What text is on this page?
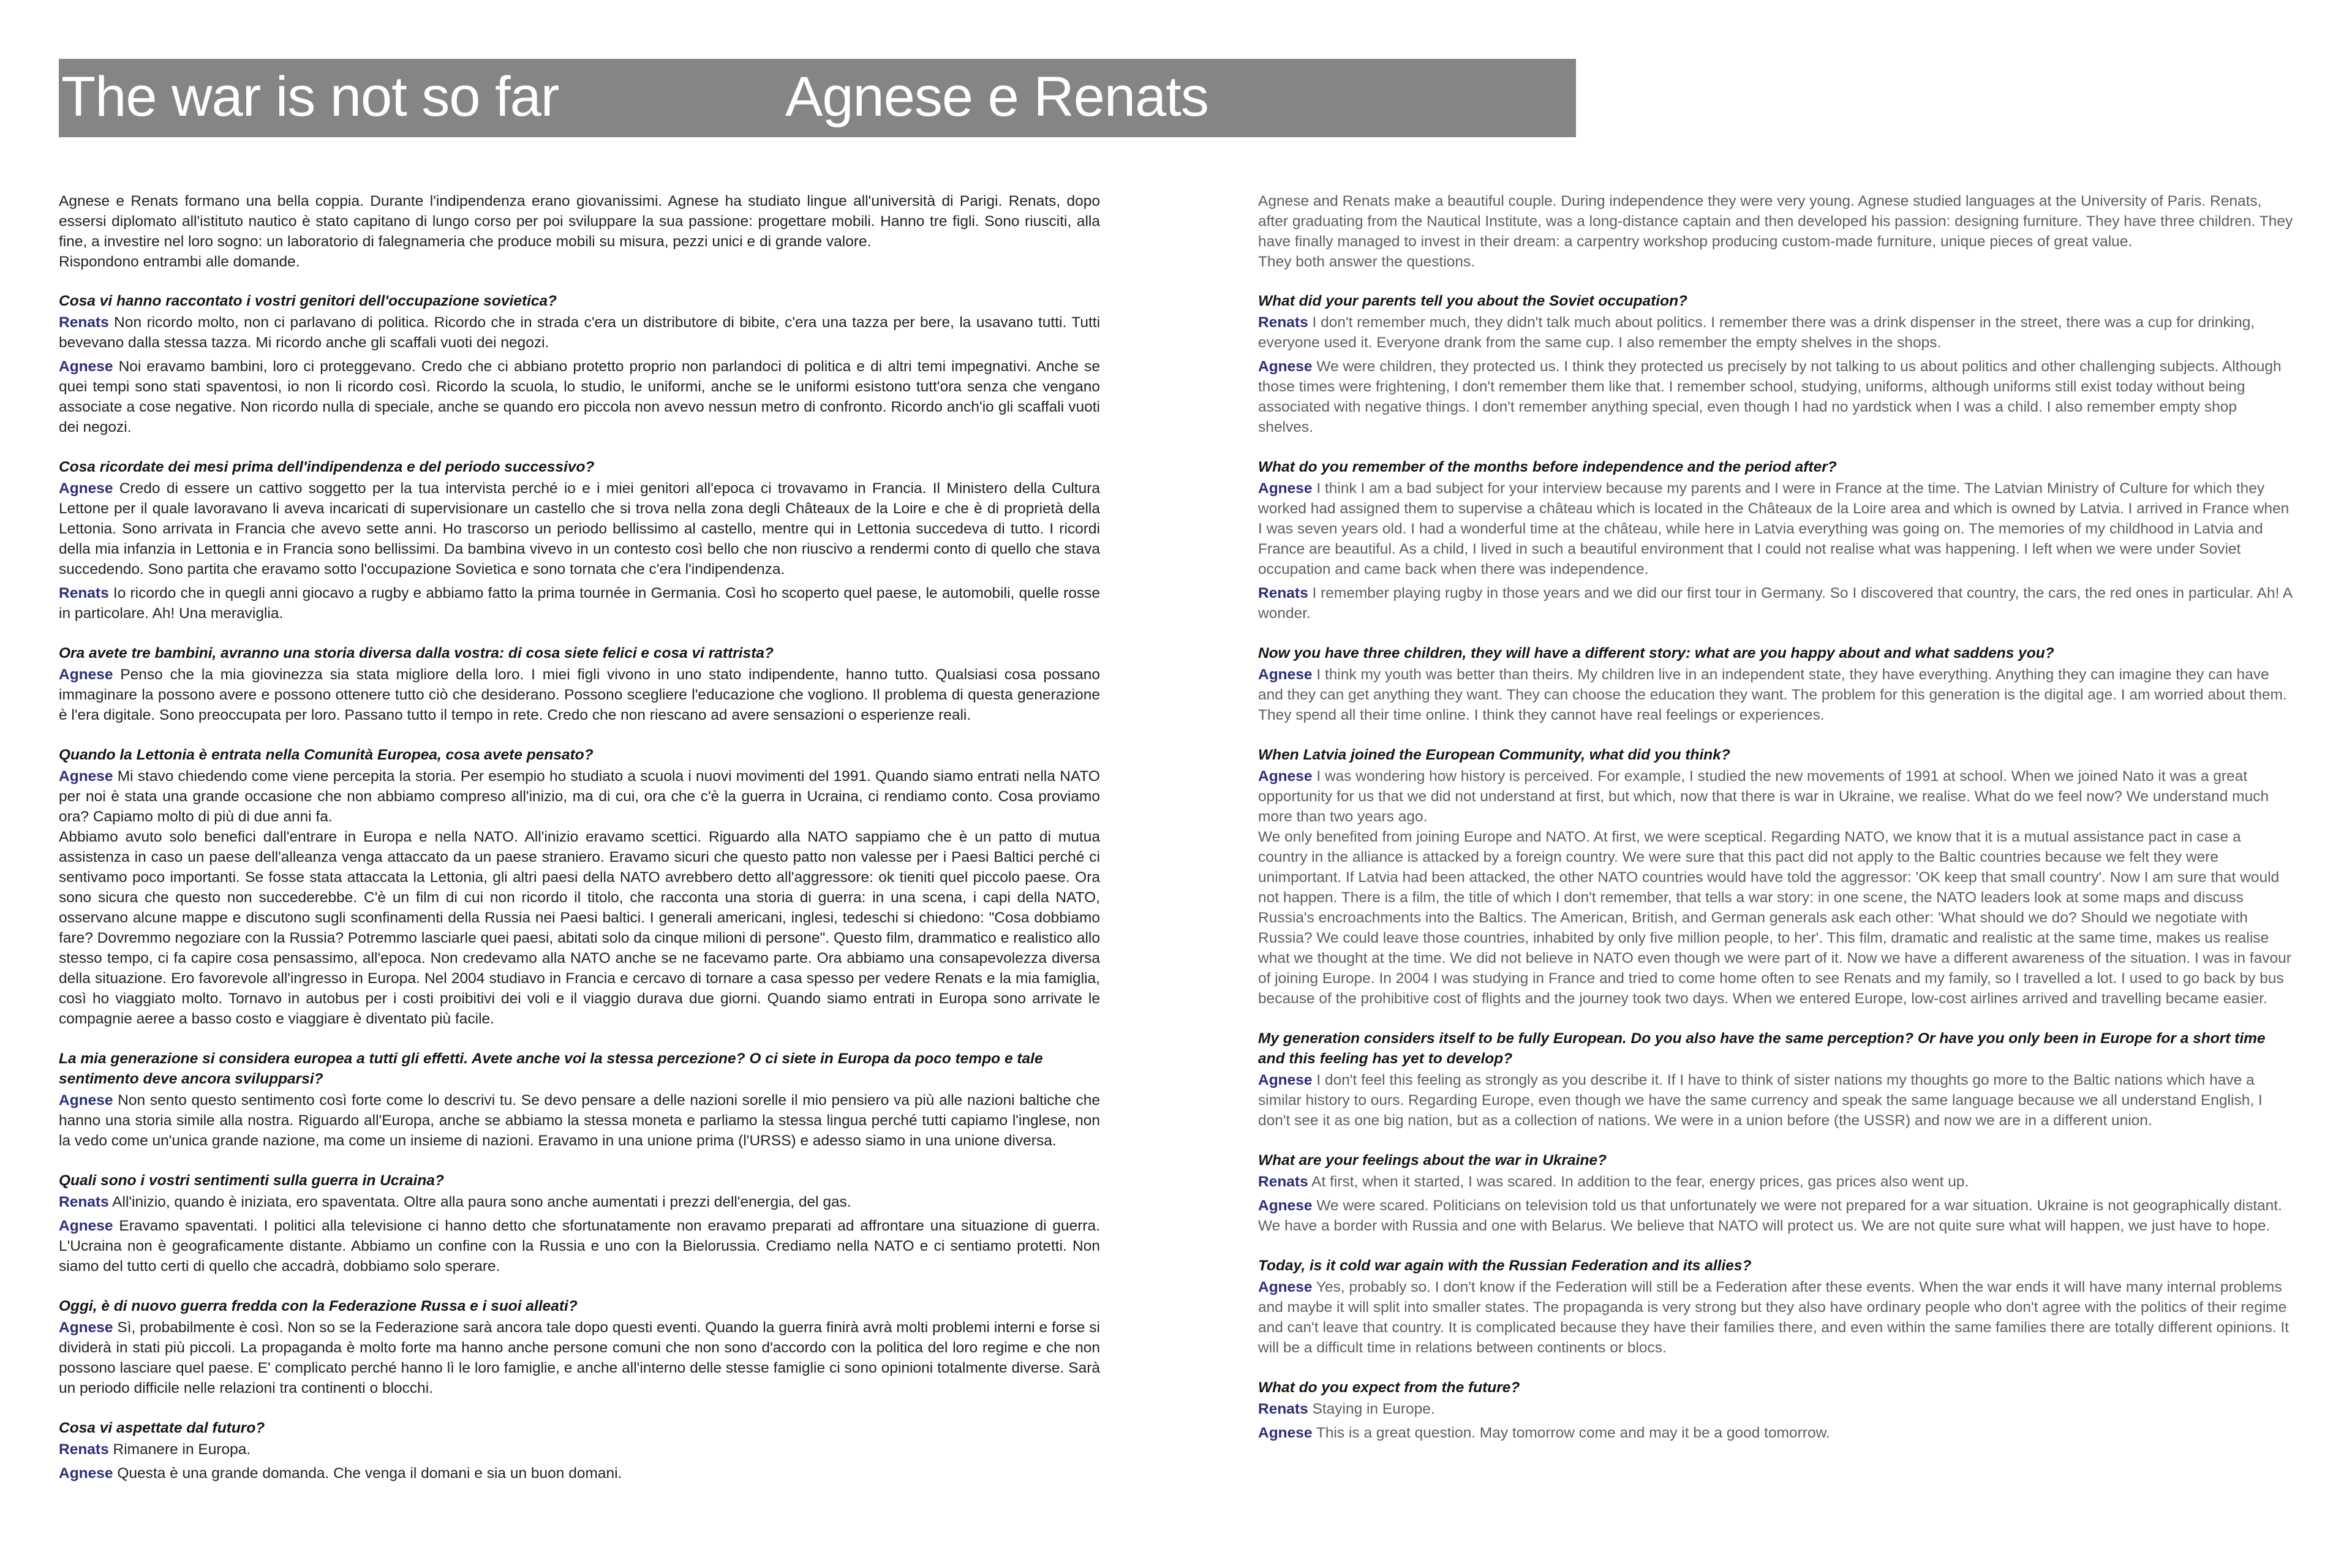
The war is not so far	Agnese e Renats

Agnese e Renats formano una bella coppia. Durante l'indipendenza erano giovanissimi. Agnese ha studiato lingue all'università di Parigi. Renats, dopo essersi diplomato all'istituto nautico è stato capitano di lungo corso per poi sviluppare la sua passione: progettare mobili. Hanno tre figli. Sono riusciti, alla fine, a investire nel loro sogno: un laboratorio di falegnameria che produce mobili su misura, pezzi unici e di grande valore.

Rispondono entrambi alle domande.

Cosa vi hanno raccontato i vostri genitori dell'occupazione sovietica?

Renats Non ricordo molto, non ci parlavano di politica. Ricordo che in strada c'era un distributore di bibite, c'era una tazza per bere, la usavano tutti. Tutti bevevano dalla stessa tazza. Mi ricordo anche gli scaffali vuoti dei negozi.

Agnese Noi eravamo bambini, loro ci proteggevano. Credo che ci abbiano protetto proprio non parlandoci di politica e di altri temi impegnativi. Anche se quei tempi sono stati spaventosi, io non li ricordo così. Ricordo la scuola, lo studio, le uniformi, anche se le uniformi esistono tutt'ora senza che vengano associate a cose negative. Non ricordo nulla di speciale, anche se quando ero piccola non avevo nessun metro di confronto. Ricordo anch'io gli scaffali vuoti dei negozi.

Cosa ricordate dei mesi prima dell'indipendenza e del periodo successivo?

Agnese Credo di essere un cattivo soggetto per la tua intervista perché io e i miei genitori all'epoca ci trovavamo in Francia. Il Ministero della Cultura Lettone per il quale lavoravano li aveva incaricati di supervisionare un castello che si trova nella zona degli Châteaux de la Loire e che è di proprietà della Lettonia. Sono arrivata in Francia che avevo sette anni. Ho trascorso un periodo bellissimo al castello, mentre qui in Lettonia succedeva di tutto. I ricordi della mia infanzia in Lettonia e in Francia sono bellissimi. Da bambina vivevo in un contesto così bello che non riuscivo a rendermi conto di quello che stava succedendo. Sono partita che eravamo sotto l'occupazione Sovietica e sono tornata che c'era l'indipendenza.

Renats Io ricordo che in quegli anni giocavo a rugby e abbiamo fatto la prima tournée in Germania. Così ho scoperto quel paese, le automobili, quelle rosse in particolare. Ah! Una meraviglia.

Ora avete tre bambini, avranno una storia diversa dalla vostra: di cosa siete felici e cosa vi rattrista?

Agnese Penso che la mia giovinezza sia stata migliore della loro. I miei figli vivono in uno stato indipendente, hanno tutto. Qualsiasi cosa possano immaginare la possono avere e possono ottenere tutto ciò che desiderano. Possono scegliere l'educazione che vogliono. Il problema di questa generazione è l'era digitale. Sono preoccupata per loro. Passano tutto il tempo in rete. Credo che non riescano ad avere sensazioni o esperienze reali.

Quando la Lettonia è entrata nella Comunità Europea, cosa avete pensato?

Agnese Mi stavo chiedendo come viene percepita la storia. Per esempio ho studiato a scuola i nuovi movimenti del 1991. Quando siamo entrati nella NATO per noi è stata una grande occasione che non abbiamo compreso all'inizio, ma di cui, ora che c'è la guerra in Ucraina, ci rendiamo conto. Cosa proviamo ora? Capiamo molto di più di due anni fa.

Abbiamo avuto solo benefici dall'entrare in Europa e nella NATO. All'inizio eravamo scettici. Riguardo alla NATO sappiamo che è un patto di mutua assistenza in caso un paese dell'alleanza venga attaccato da un paese straniero. Eravamo sicuri che questo patto non valesse per i Paesi Baltici perché ci sentivamo poco importanti. Se fosse stata attaccata la Lettonia, gli altri paesi della NATO avrebbero detto all'aggressore: ok tieniti quel piccolo paese. Ora sono sicura che questo non succederebbe. C'è un film di cui non ricordo il titolo, che racconta una storia di guerra: in una scena, i capi della NATO, osservano alcune mappe e discutono sugli sconfinamenti della Russia nei Paesi baltici. I generali americani, inglesi, tedeschi si chiedono: "Cosa dobbiamo fare? Dovremmo negoziare con la Russia? Potremmo lasciarle quei paesi, abitati solo da cinque milioni di persone". Questo film, drammatico e realistico allo stesso tempo, ci fa capire cosa pensassimo, all'epoca. Non credevamo alla NATO anche se ne facevamo parte. Ora abbiamo una consapevolezza diversa della situazione. Ero favorevole all'ingresso in Europa. Nel 2004 studiavo in Francia e cercavo di tornare a casa spesso per vedere Renats e la mia famiglia, così ho viaggiato molto. Tornavo in autobus per i costi proibitivi dei voli e il viaggio durava due giorni. Quando siamo entrati in Europa sono arrivate le compagnie aeree a basso costo e viaggiare è diventato più facile.

La mia generazione si considera europea a tutti gli effetti. Avete anche voi la stessa percezione? O ci siete in Europa da poco tempo e tale sentimento deve ancora svilupparsi?

Agnese Non sento questo sentimento così forte come lo descrivi tu. Se devo pensare a delle nazioni sorelle il mio pensiero va più alle nazioni baltiche che hanno una storia simile alla nostra. Riguardo all'Europa, anche se abbiamo la stessa moneta e parliamo la stessa lingua perché tutti capiamo l'inglese, non la vedo come un'unica grande nazione, ma come un insieme di nazioni. Eravamo in una unione prima (l'URSS) e adesso siamo in una unione diversa.

Quali sono i vostri sentimenti sulla guerra in Ucraina?

Renats All'inizio, quando è iniziata, ero spaventata. Oltre alla paura sono anche aumentati i prezzi dell'energia, del gas.

Agnese Eravamo spaventati. I politici alla televisione ci hanno detto che sfortunatamente non eravamo preparati ad affrontare una situazione di guerra. L'Ucraina non è geograficamente distante. Abbiamo un confine con la Russia e uno con la Bielorussia. Crediamo nella NATO e ci sentiamo protetti. Non siamo del tutto certi di quello che accadrà, dobbiamo solo sperare.

Oggi, è di nuovo guerra fredda con la Federazione Russa e i suoi alleati?

Agnese Sì, probabilmente è così. Non so se la Federazione sarà ancora tale dopo questi eventi. Quando la guerra finirà avrà molti problemi interni e forse si dividerà in stati più piccoli. La propaganda è molto forte ma hanno anche persone comuni che non sono d'accordo con la politica del loro regime e che non possono lasciare quel paese. E' complicato perché hanno lì le loro famiglie, e anche all'interno delle stesse famiglie ci sono opinioni totalmente diverse. Sarà un periodo difficile nelle relazioni tra continenti o blocchi.

Cosa vi aspettate dal futuro?

Renats Rimanere in Europa.

Agnese Questa è una grande domanda. Che venga il domani e sia un buon domani.

Agnese and Renats make a beautiful couple. During independence they were very young. Agnese studied languages at the University of Paris. Renats, after graduating from the Nautical Institute, was a long-distance captain and then developed his passion: designing furniture. They have three children. They have finally managed to invest in their dream: a carpentry workshop producing custom-made furniture, unique pieces of great value.

They both answer the questions.

What did your parents tell you about the Soviet occupation?

Renats I don't remember much, they didn't talk much about politics. I remember there was a drink dispenser in the street, there was a cup for drinking, everyone used it. Everyone drank from the same cup. I also remember the empty shelves in the shops.

Agnese We were children, they protected us. I think they protected us precisely by not talking to us about politics and other challenging subjects. Although those times were frightening, I don't remember them like that. I remember school, studying, uniforms, although uniforms still exist today without being associated with negative things. I don't remember anything special, even though I had no yardstick when I was a child. I also remember empty shop shelves.

What do you remember of the months before independence and the period after?

Agnese I think I am a bad subject for your interview because my parents and I were in France at the time. The Latvian Ministry of Culture for which they worked had assigned them to supervise a château which is located in the Châteaux de la Loire area and which is owned by Latvia. I arrived in France when I was seven years old. I had a wonderful time at the château, while here in Latvia everything was going on. The memories of my childhood in Latvia and France are beautiful. As a child, I lived in such a beautiful environment that I could not realise what was happening. I left when we were under Soviet occupation and came back when there was independence.

Renats I remember playing rugby in those years and we did our first tour in Germany. So I discovered that country, the cars, the red ones in particular. Ah! A wonder.

Now you have three children, they will have a different story: what are you happy about and what saddens you?

Agnese I think my youth was better than theirs. My children live in an independent state, they have everything. Anything they can imagine they can have and they can get anything they want. They can choose the education they want. The problem for this generation is the digital age. I am worried about them. They spend all their time online. I think they cannot have real feelings or experiences.

When Latvia joined the European Community, what did you think?

Agnese I was wondering how history is perceived. For example, I studied the new movements of 1991 at school. When we joined Nato it was a great opportunity for us that we did not understand at first, but which, now that there is war in Ukraine, we realise. What do we feel now? We understand much more than two years ago.

We only benefited from joining Europe and NATO. At first, we were sceptical. Regarding NATO, we know that it is a mutual assistance pact in case a country in the alliance is attacked by a foreign country. We were sure that this pact did not apply to the Baltic countries because we felt they were unimportant. If Latvia had been attacked, the other NATO countries would have told the aggressor: 'OK keep that small country'. Now I am sure that would not happen. There is a film, the title of which I don't remember, that tells a war story: in one scene, the NATO leaders look at some maps and discuss Russia's encroachments into the Baltics. The American, British, and German generals ask each other: 'What should we do? Should we negotiate with Russia? We could leave those countries, inhabited by only five million people, to her'. This film, dramatic and realistic at the same time, makes us realise what we thought at the time. We did not believe in NATO even though we were part of it. Now we have a different awareness of the situation. I was in favour of joining Europe. In 2004 I was studying in France and tried to come home often to see Renats and my family, so I travelled a lot. I used to go back by bus because of the prohibitive cost of flights and the journey took two days. When we entered Europe, low-cost airlines arrived and travelling became easier.

My generation considers itself to be fully European. Do you also have the same perception? Or have you only been in Europe for a short time and this feeling has yet to develop?

Agnese I don't feel this feeling as strongly as you describe it. If I have to think of sister nations my thoughts go more to the Baltic nations which have a similar history to ours. Regarding Europe, even though we have the same currency and speak the same language because we all understand English, I don't see it as one big nation, but as a collection of nations. We were in a union before (the USSR) and now we are in a different union.

What are your feelings about the war in Ukraine?

Renats At first, when it started, I was scared. In addition to the fear, energy prices, gas prices also went up.

Agnese We were scared. Politicians on television told us that unfortunately we were not prepared for a war situation. Ukraine is not geographically distant. We have a border with Russia and one with Belarus. We believe that NATO will protect us. We are not quite sure what will happen, we just have to hope.

Today, is it cold war again with the Russian Federation and its allies?

Agnese Yes, probably so. I don't know if the Federation will still be a Federation after these events. When the war ends it will have many internal problems and maybe it will split into smaller states. The propaganda is very strong but they also have ordinary people who don't agree with the politics of their regime and can't leave that country. It is complicated because they have their families there, and even within the same families there are totally different opinions. It will be a difficult time in relations between continents or blocs.

What do you expect from the future?

Renats Staying in Europe.

Agnese This is a great question. May tomorrow come and may it be a good tomorrow.
